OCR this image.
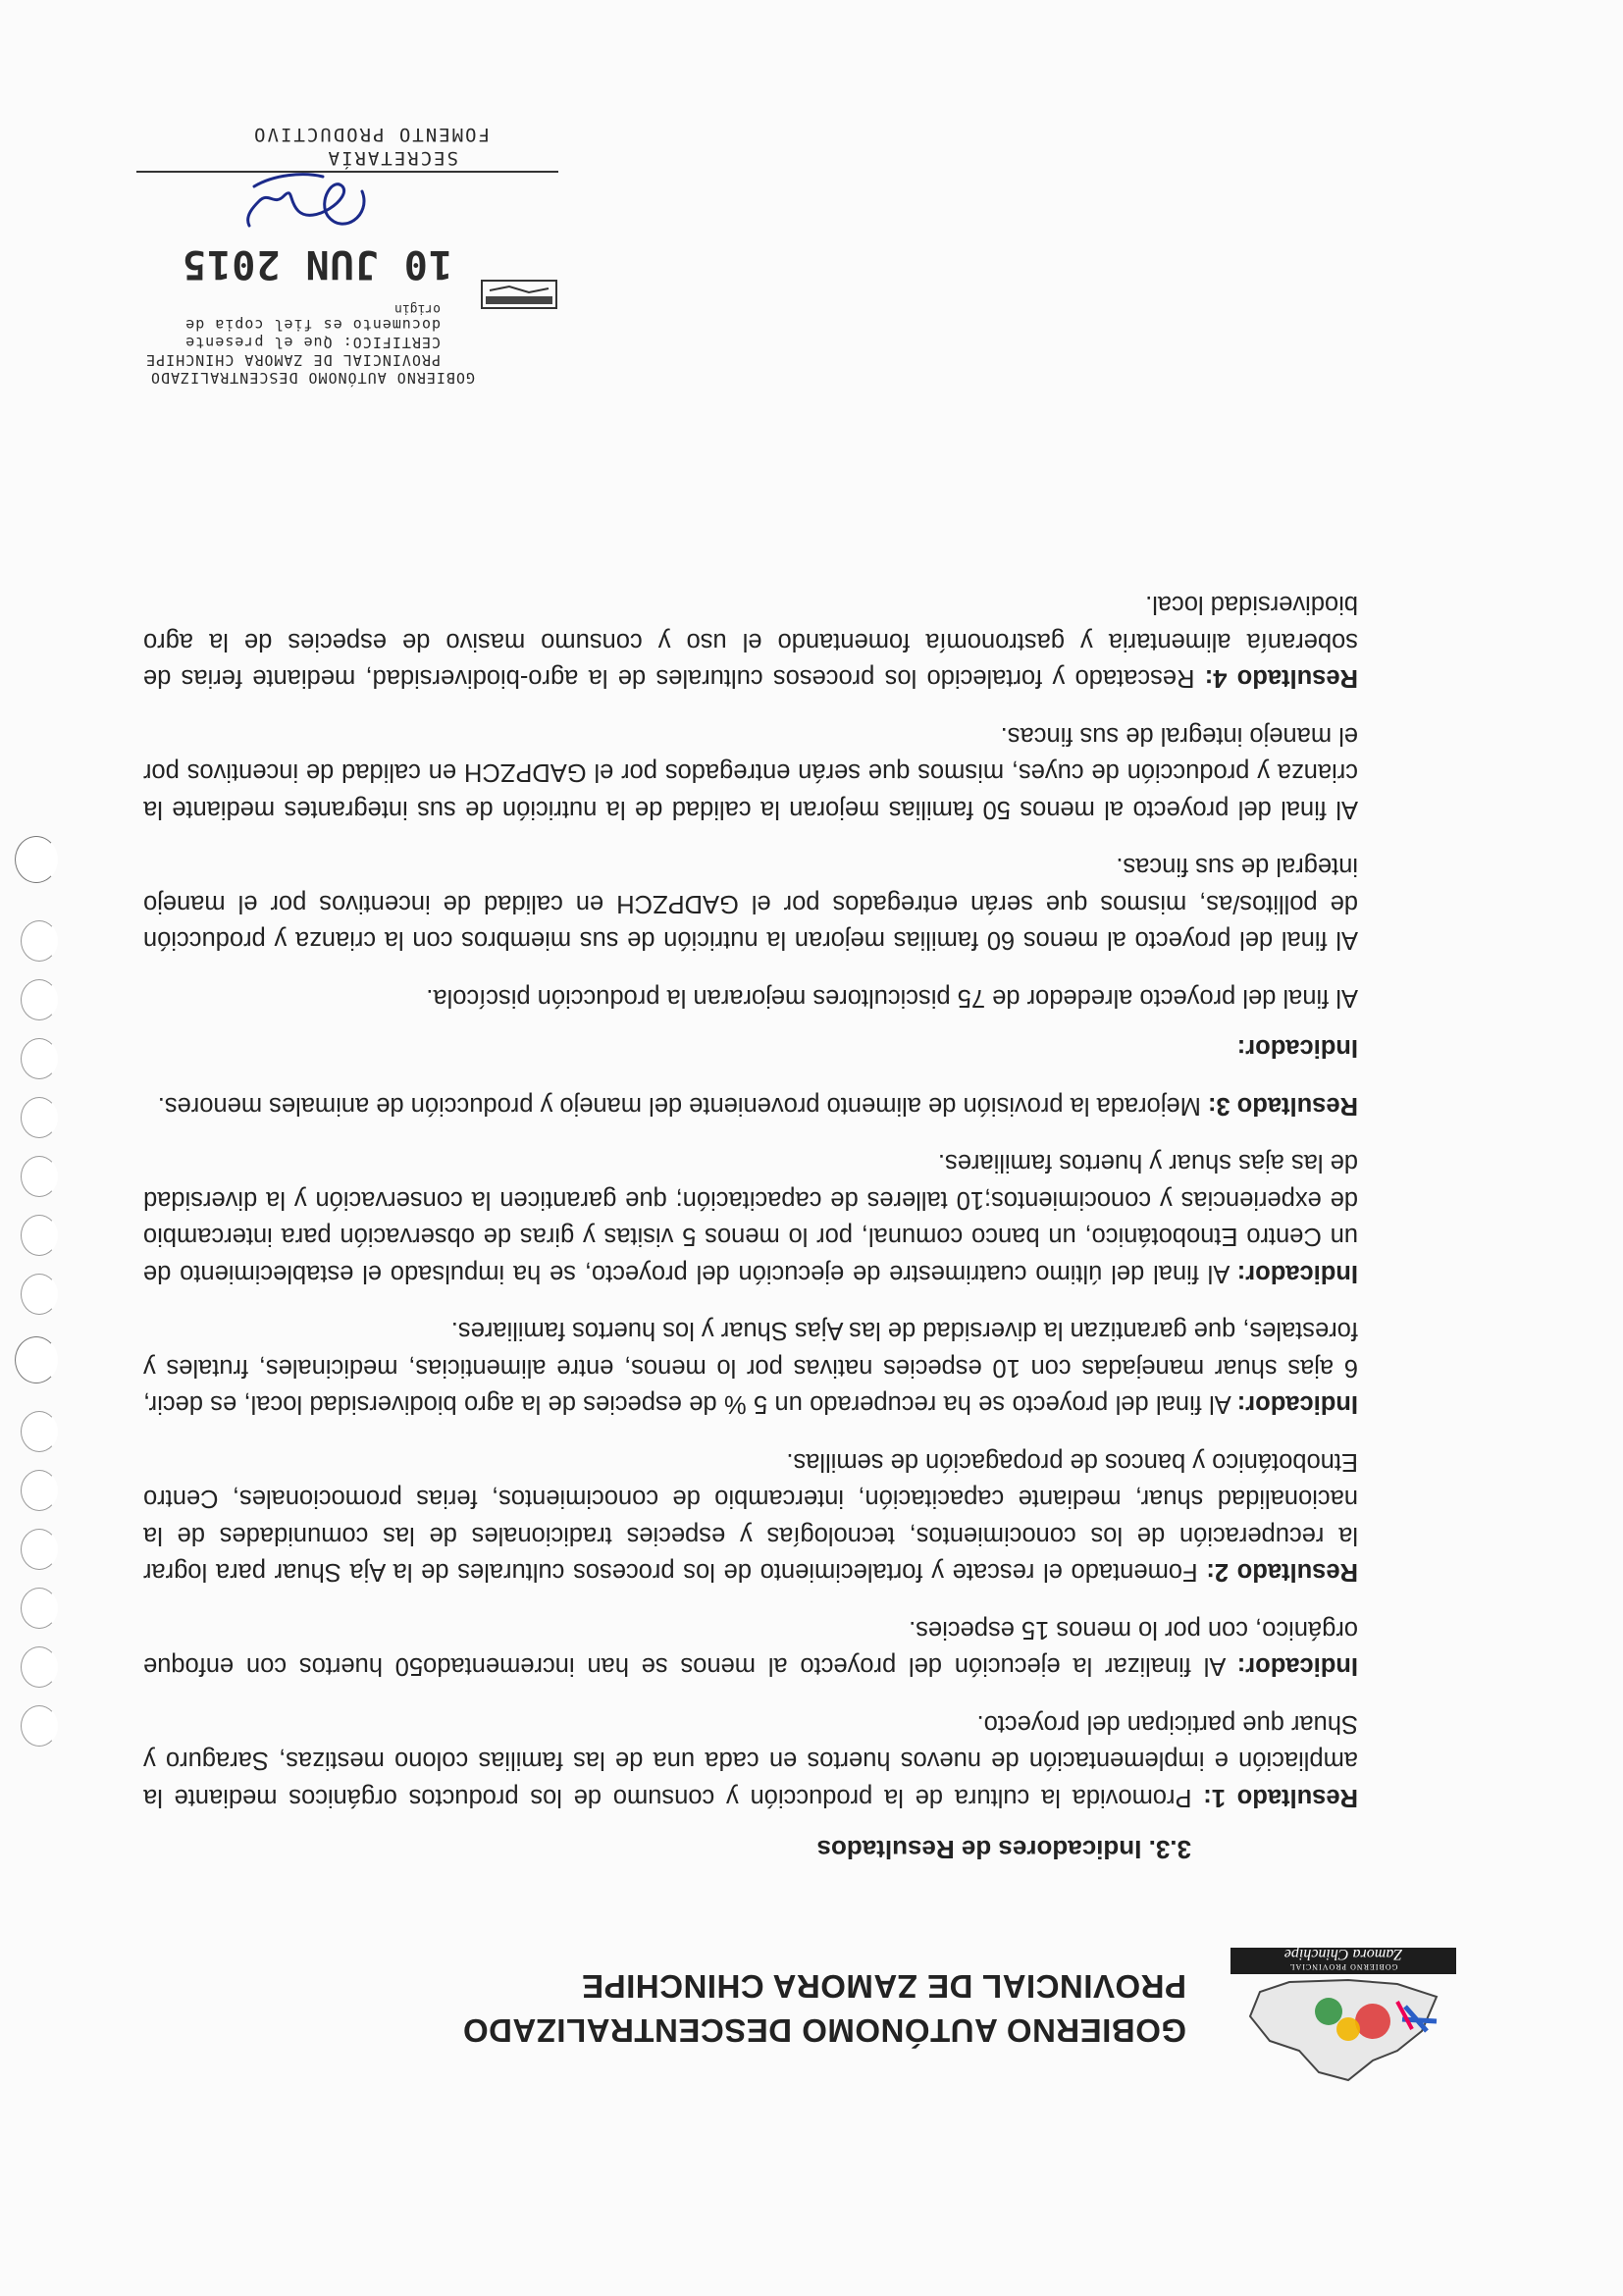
GOBIERNO PROVINCIAL
Zamora Chinchipe
GOBIERNO AUTÓNOMO DESCENTRALIZADO
PROVINCIAL DE ZAMORA CHINCHIPE
3.3. Indicadores de Resultados

Resultado 1: Promovida la cultura de la producción y consumo de los productos orgánicos mediante la ampliación e implementación de nuevos huertos en cada una de las familias colono mestizas, Saraguro y Shuar que participan del proyecto.

Indicador: Al finalizar la ejecución del proyecto al menos se han incrementado50 huertos con enfoque orgánico, con por lo menos 15 especies.

Resultado 2: Fomentado el rescate y fortalecimiento de los procesos culturales de la Aja Shuar para lograr la recuperación de los conocimientos, tecnologías y especies tradicionales de las comunidades de la nacionalidad shuar, mediante capacitación, intercambio de conocimientos, ferias promocionales, Centro Etnobotánico y bancos de propagación de semillas.

Indicador: Al final del proyecto se ha recuperado un 5 % de especies de la agro biodiversidad local, es decir, 6 ajas shuar manejadas con 10 especies nativas por lo menos, entre alimenticias, medicinales, frutales y forestales, que garantizan la diversidad de las Ajas Shuar y los huertos familiares.

Indicador: Al final del último cuatrimestre de ejecución del proyecto, se ha impulsado el establecimiento de un Centro Etnobotánico, un banco comunal, por lo menos 5 visitas y giras de observación para intercambio de experiencias y conocimientos;10 talleres de capacitación; que garanticen la conservación y la diversidad de las ajas shuar y huertos familiares.

Resultado 3: Mejorada la provisión de alimento proveniente del manejo y producción de animales menores.

Indicador:

Al final del proyecto alrededor de 75 piscicultores mejoraran la producción piscícola.

Al final del proyecto al menos 60 familias mejoran la nutrición de sus miembros con la crianza y producción de pollitos/as, mismos que serán entregados por el GADPZCH en calidad de incentivos por el manejo integral de sus fincas.

Al final del proyecto al menos 50 familias mejoran la calidad de la nutrición de sus integrantes mediante la crianza y producción de cuyes, mismos que serán entregados por el GADPZCH en calidad de incentivos por el manejo integral de sus fincas.

Resultado 4: Rescatado y fortalecido los procesos culturales de la agro-biodiversidad, mediante ferias de soberanía alimentaria y gastronomía fomentando el uso y consumo masivo de especies de la agro biodiversidad local.

GOBIERNO AUTÓNOMO DESCENTRALIZADO
PROVINCIAL DE ZAMORA CHINCHIPE
CERTIFICO: Que el presente
documento es fiel copia de
origin
10 JUN 2015
SECRETARÍA
FOMENTO PRODUCTIVO
